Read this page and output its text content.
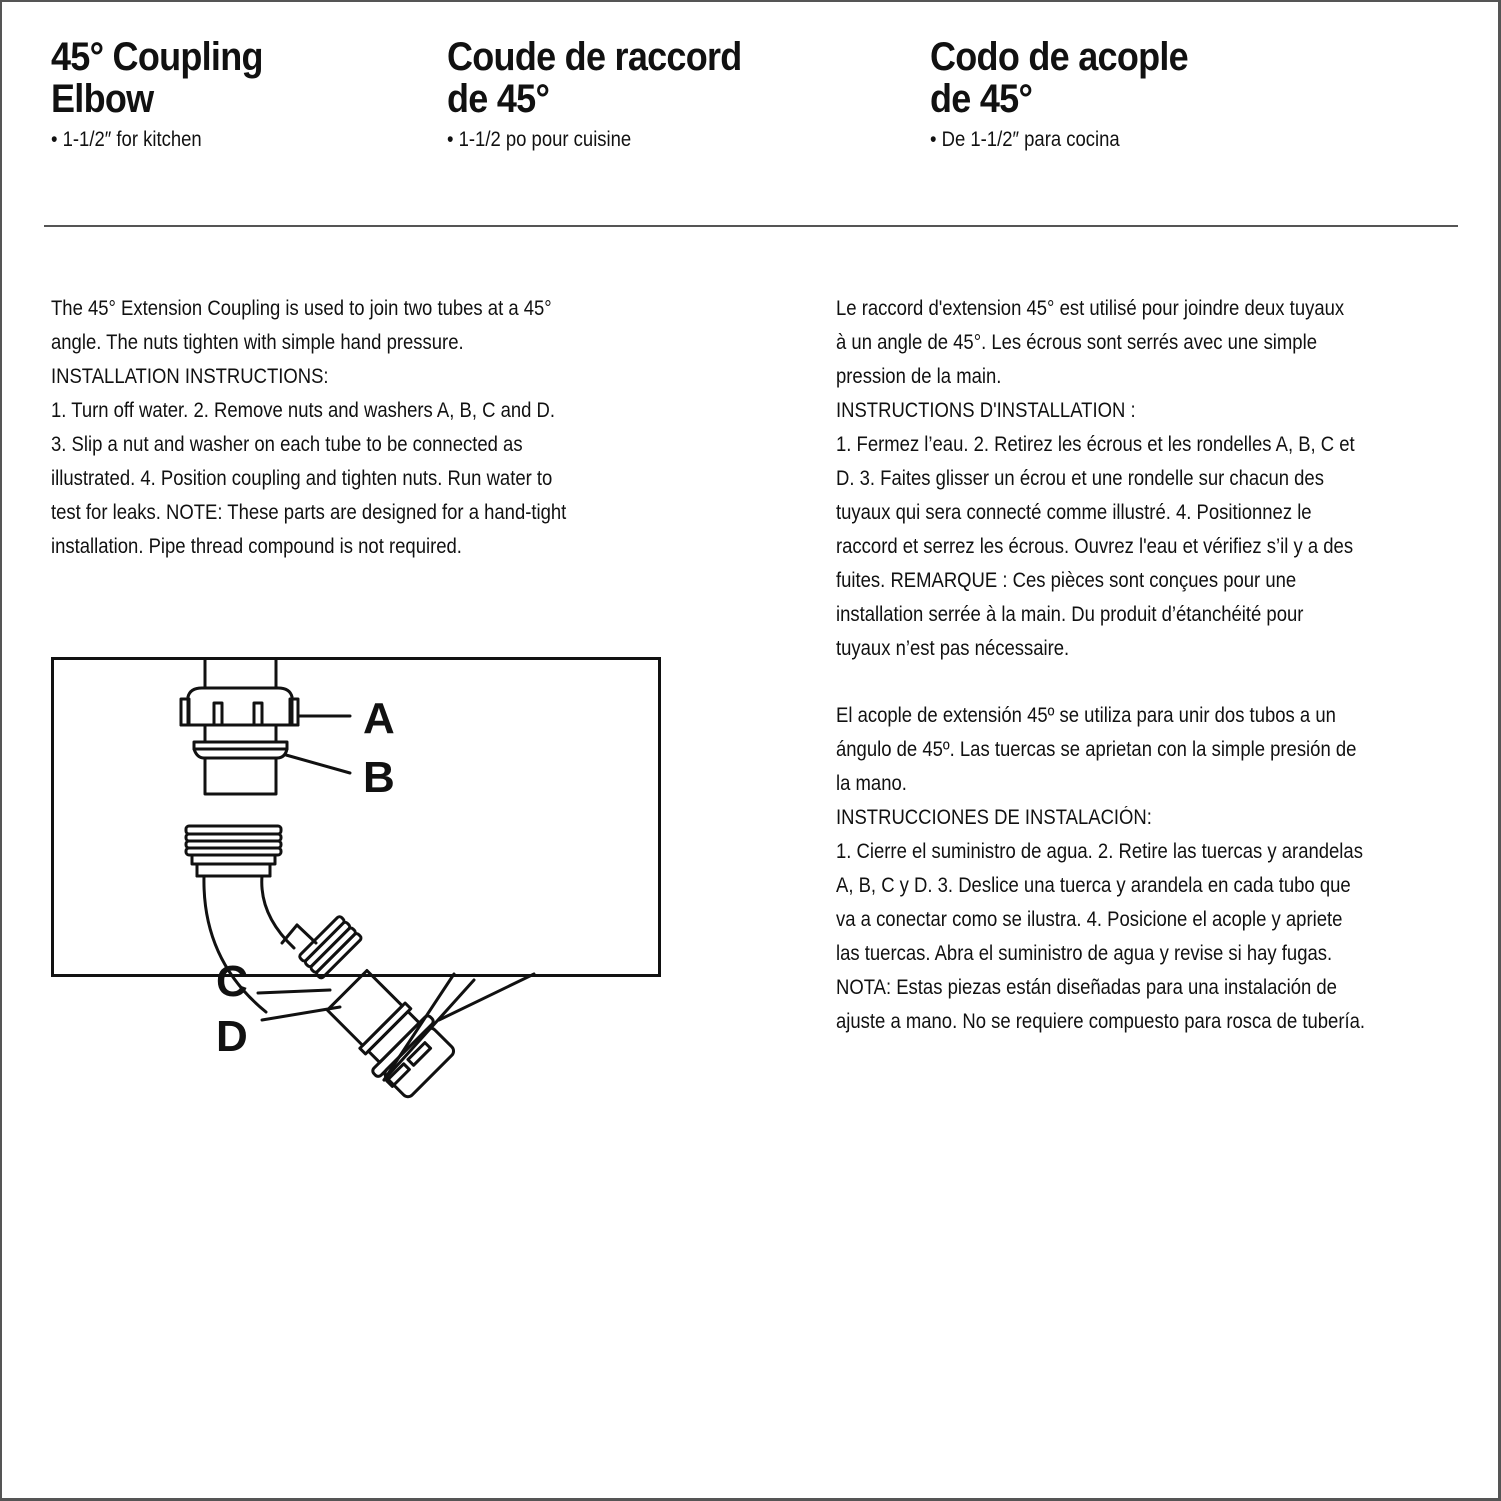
45° Coupling
Elbow
• 1-1/2″ for kitchen
Coude de raccord
de 45°
• 1-1/2 po pour cuisine
Codo de acople
de 45°
• De 1-1/2″ para cocina

The 45° Extension Coupling is used to join two tubes at a 45°

angle. The nuts tighten with simple hand pressure.

INSTALLATION INSTRUCTIONS:

1. Turn off water. 2. Remove nuts and washers A, B, C and D.

3. Slip a nut and washer on each tube to be connected as

illustrated. 4. Position coupling and tighten nuts. Run water to

test for leaks. NOTE: These parts are designed for a hand-tight

installation. Pipe thread compound is not required.

Le raccord d'extension 45° est utilisé pour joindre deux tuyaux

à un angle de 45°. Les écrous sont serrés avec une simple

pression de la main.

INSTRUCTIONS D'INSTALLATION :

1. Fermez l’eau. 2. Retirez les écrous et les rondelles A, B, C et

D. 3. Faites glisser un écrou et une rondelle sur chacun des

tuyaux qui sera connecté comme illustré. 4. Positionnez le

raccord et serrez les écrous. Ouvrez l'eau et vérifiez s’il y a des

fuites. REMARQUE : Ces pièces sont conçues pour une

installation serrée à la main. Du produit d’étanchéité pour

tuyaux n’est pas nécessaire.

El acople de extensión 45º se utiliza para unir dos tubos a un

ángulo de 45º. Las tuercas se aprietan con la simple presión de

la mano.

INSTRUCCIONES DE INSTALACIÓN:

1. Cierre el suministro de agua. 2. Retire las tuercas y arandelas

A, B, C y D. 3. Deslice una tuerca y arandela en cada tubo que

va a conectar como se ilustra. 4. Posicione el acople y apriete

las tuercas. Abra el suministro de agua y revise si hay fugas.

NOTA: Estas piezas están diseñadas para una instalación de

ajuste a mano. No se requiere compuesto para rosca de tubería.

A
B
C
D
